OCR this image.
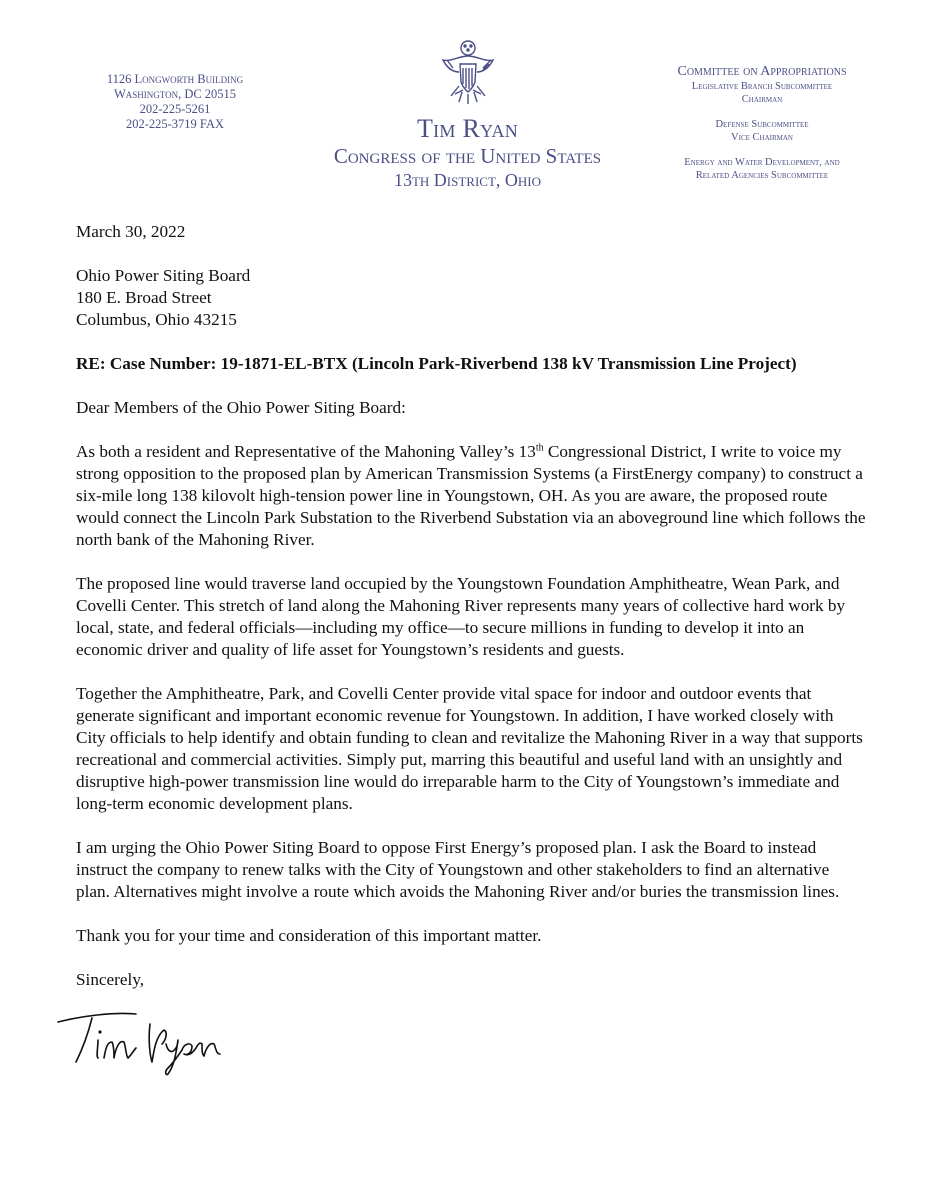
1126 Longworth Building
Washington, DC 20515
202-225-5261
202-225-3719 FAX	Tim Ryan
Congress of the United States
13th District, Ohio
Committee on Appropriations
Legislative Branch Subcommittee
Chairman
Defense Subcommittee
Vice Chairman
Energy and Water Development, and
Related Agencies Subcommittee

March 30, 2022

Ohio Power Siting Board

180 E. Broad Street

Columbus, Ohio 43215

RE: Case Number: 19-1871-EL-BTX (Lincoln Park-Riverbend 138 kV Transmission Line Project)

Dear Members of the Ohio Power Siting Board:

As both a resident and Representative of the Mahoning Valley’s 13th Congressional District, I write to voice my strong opposition to the proposed plan by American Transmission Systems (a FirstEnergy company) to construct a six-mile long 138 kilovolt high-tension power line in Youngstown, OH. As you are aware, the proposed route would connect the Lincoln Park Substation to the Riverbend Substation via an aboveground line which follows the north bank of the Mahoning River.

The proposed line would traverse land occupied by the Youngstown Foundation Amphitheatre, Wean Park, and Covelli Center. This stretch of land along the Mahoning River represents many years of collective hard work by local, state, and federal officials—including my office—to secure millions in funding to develop it into an economic driver and quality of life asset for Youngstown’s residents and guests.

Together the Amphitheatre, Park, and Covelli Center provide vital space for indoor and outdoor events that generate significant and important economic revenue for Youngstown. In addition, I have worked closely with City officials to help identify and obtain funding to clean and revitalize the Mahoning River in a way that supports recreational and commercial activities. Simply put, marring this beautiful and useful land with an unsightly and disruptive high-power transmission line would do irreparable harm to the City of Youngstown’s immediate and long-term economic development plans.

I am urging the Ohio Power Siting Board to oppose First Energy’s proposed plan. I ask the Board to instead instruct the company to renew talks with the City of Youngstown and other stakeholders to find an alternative plan. Alternatives might involve a route which avoids the Mahoning River and/or buries the transmission lines.

Thank you for your time and consideration of this important matter.

Sincerely,
